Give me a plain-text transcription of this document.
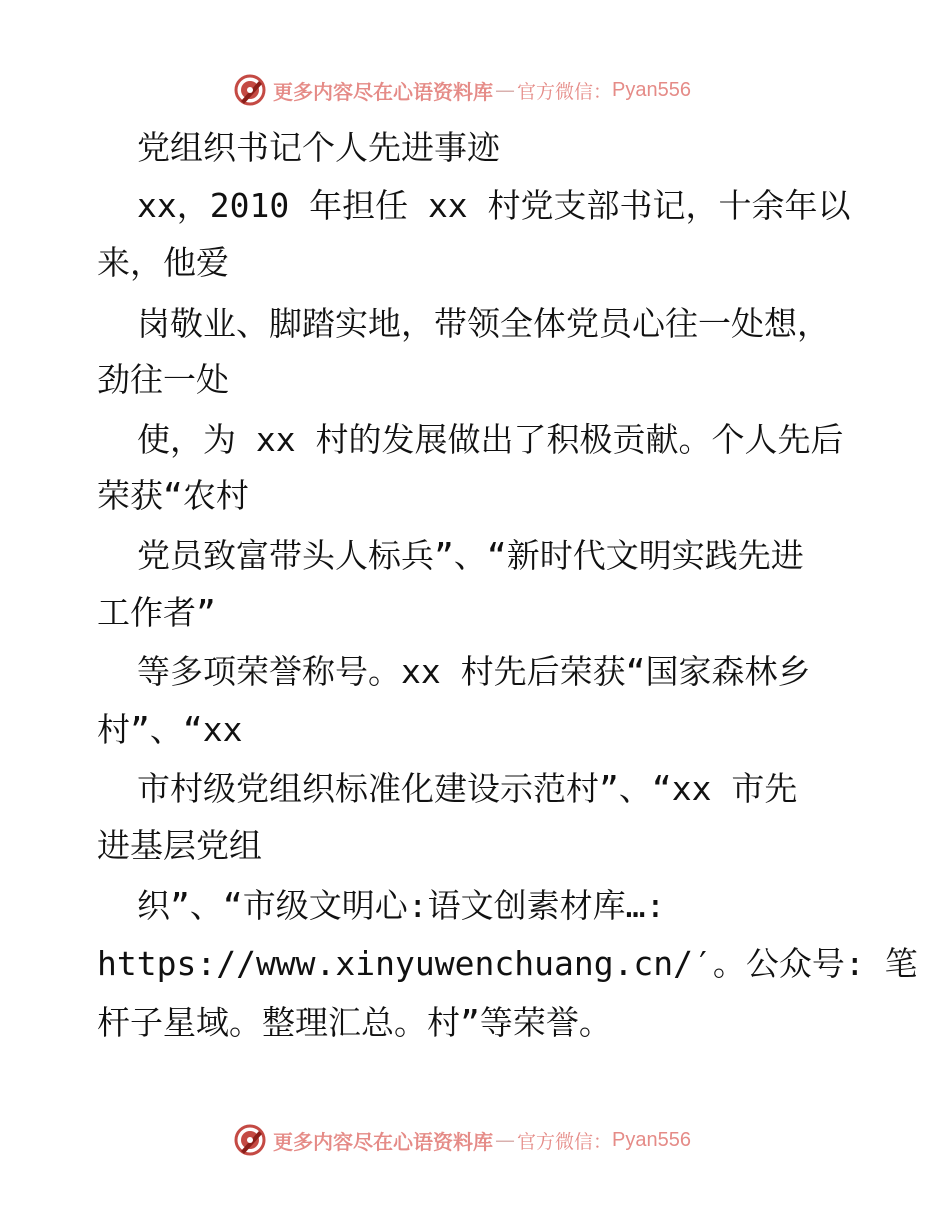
更多内容尽在心语资料库 — 官方微信： Pyan556
党组织书记个人先进事迹
xx，2010 年担任 xx 村党支部书记，十余年以
来，他爱
岗敬业、脚踏实地，带领全体党员心往一处想，
劲往一处
使，为 xx 村的发展做出了积极贡献。个人先后
荣获“农村
党员致富带头人标兵”、“新时代文明实践先进
工作者”
等多项荣誉称号。xx 村先后荣获“国家森林乡
村”、“xx
市村级党组织标准化建设示范村”、“xx 市先
进基层党组
织”、“市级文明心:语文创素材库…:
https://www.xinyuwenchuang.cn/′。公众号: 笔
杆子星域。整理汇总。村”等荣誉。
更多内容尽在心语资料库 — 官方微信： Pyan556
